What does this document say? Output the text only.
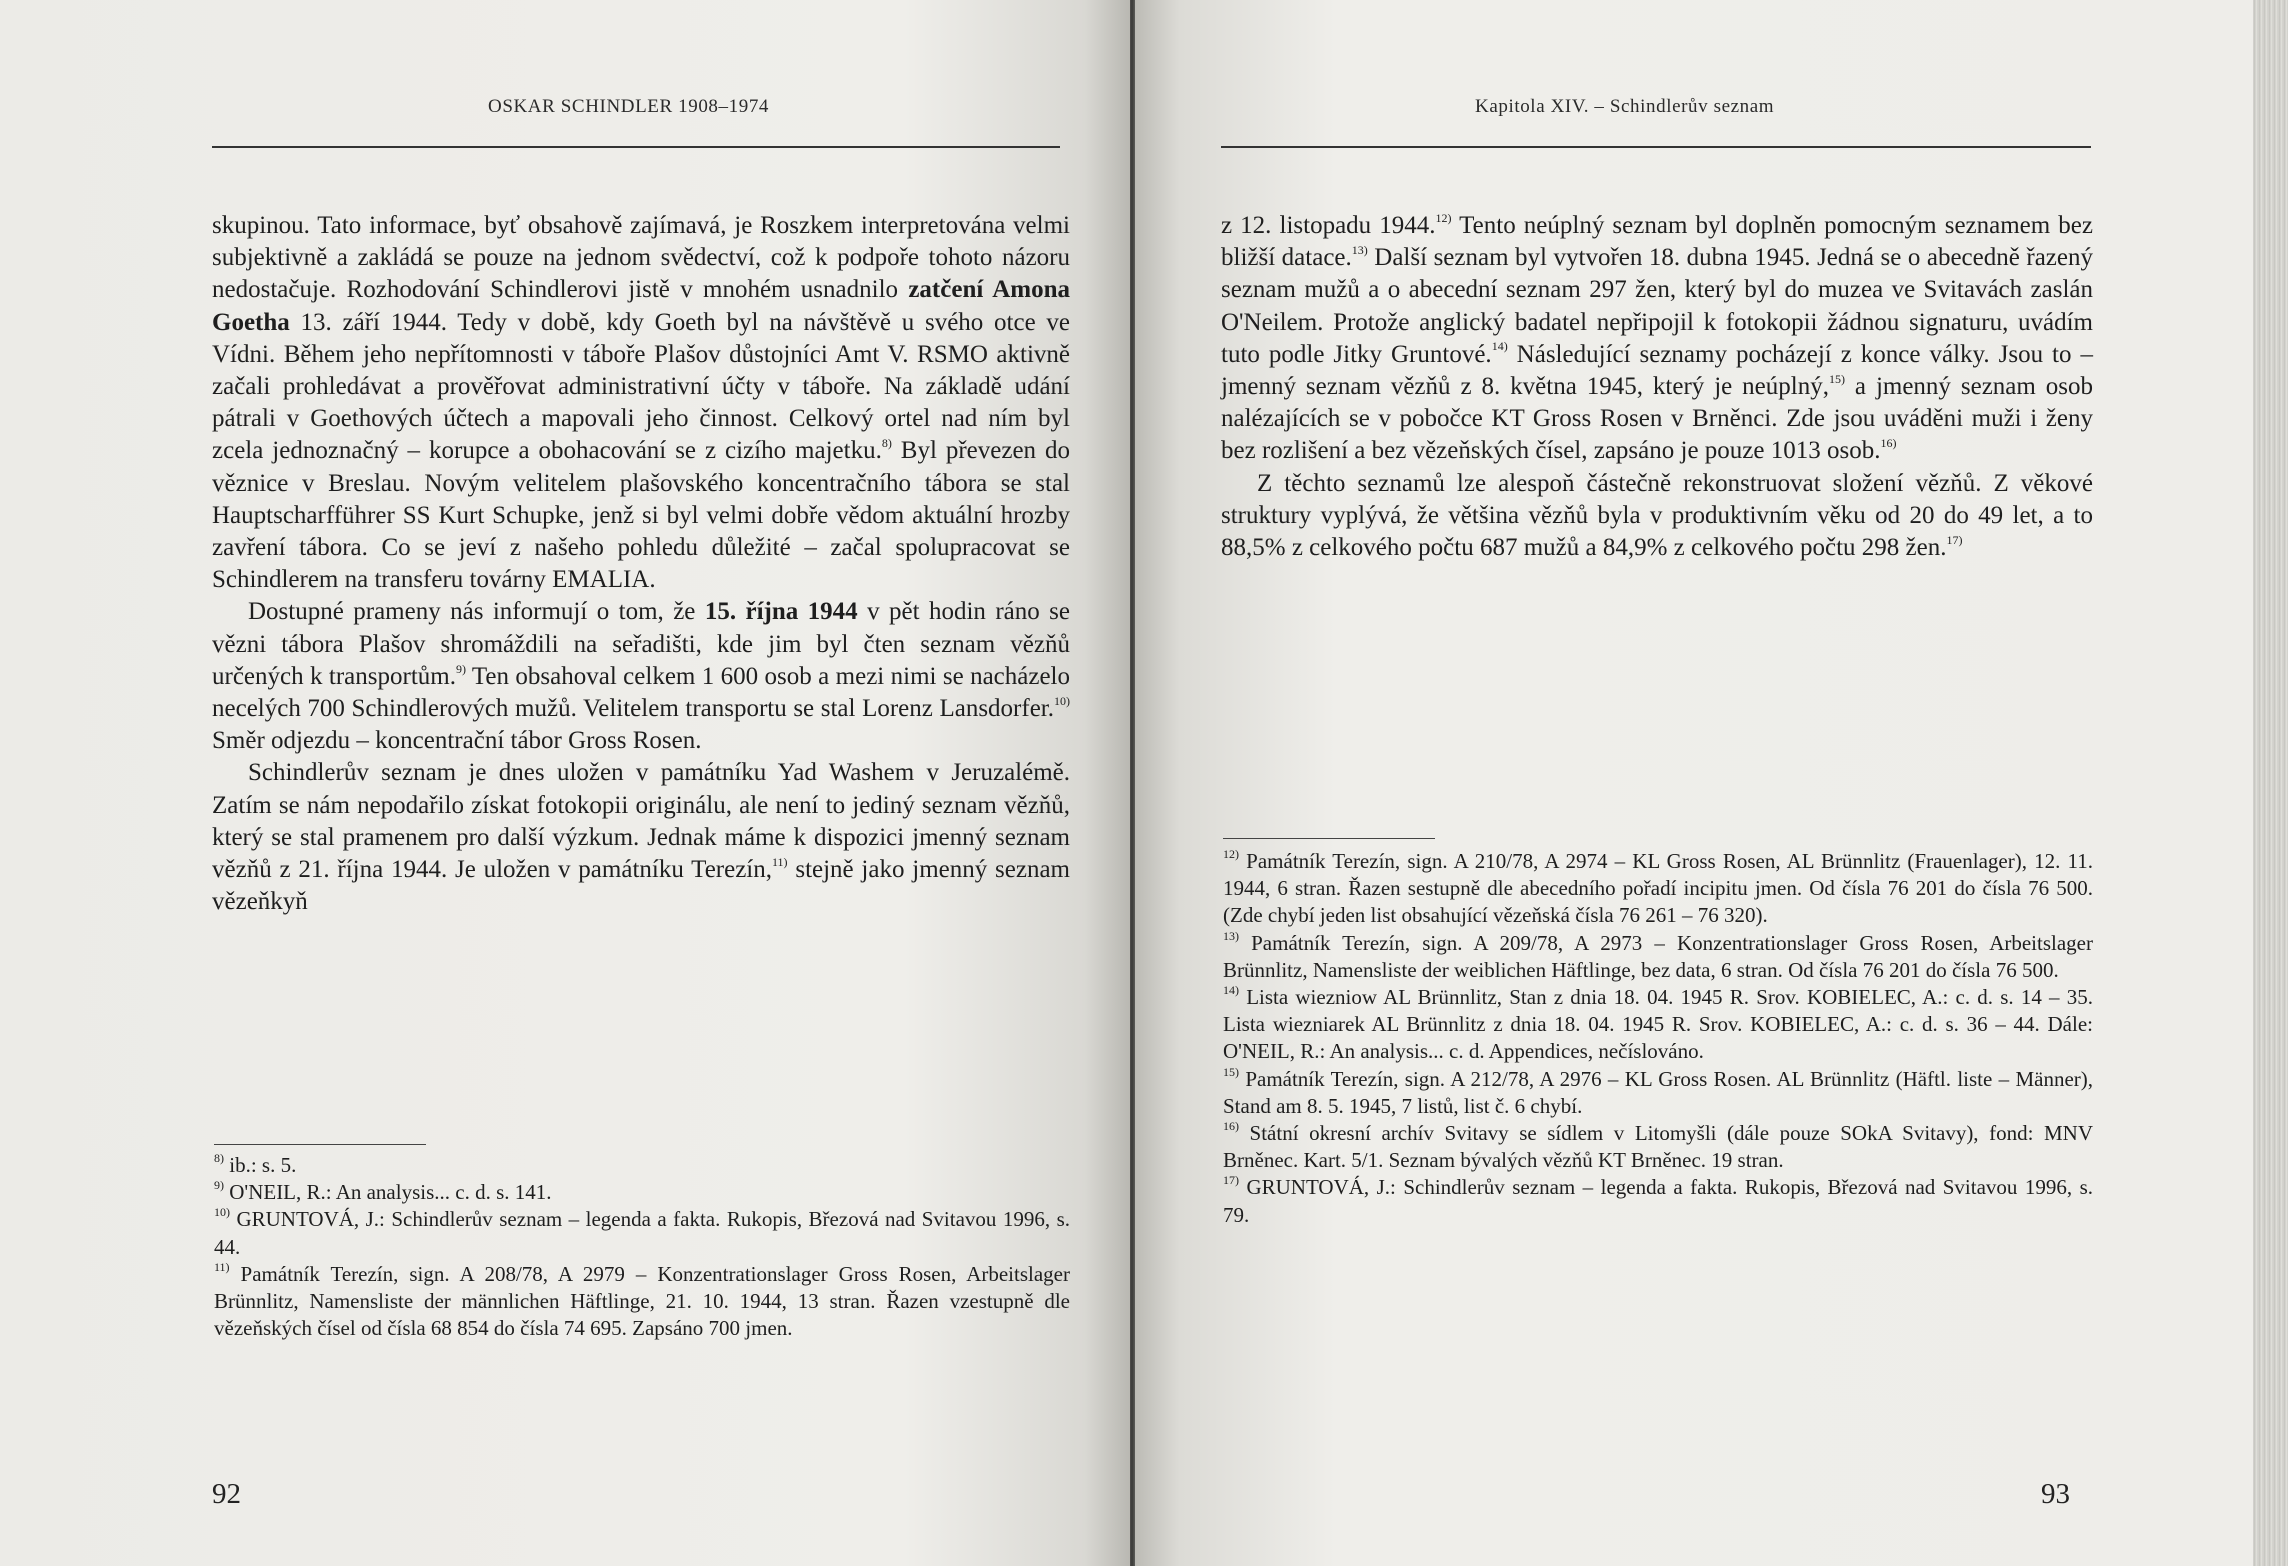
OSKAR SCHINDLER 1908–1974

skupinou. Tato informace, byť obsahově zajímavá, je Roszkem interpretována velmi subjektivně a zakládá se pouze na jednom svědectví, což k podpoře tohoto názoru nedostačuje. Rozhodování Schindlerovi jistě v mnohém usnadnilo zatčení Amona Goetha 13. září 1944. Tedy v době, kdy Goeth byl na návštěvě u svého otce ve Vídni. Během jeho nepřítomnosti v táboře Plašov důstojníci Amt V. RSMO aktivně začali prohledávat a prověřovat administrativní účty v táboře. Na základě udání pátrali v Goethových účtech a mapovali jeho činnost. Celkový ortel nad ním byl zcela jednoznačný – korupce a obohacování se z cizího majetku.$^{8)}$ Byl převezen do věznice v Breslau. Novým velitelem plašovského koncentračního tábora se stal Hauptscharfführer SS Kurt Schupke, jenž si byl velmi dobře vědom aktuální hrozby zavření tábora. Co se jeví z našeho pohledu důležité – začal spolupracovat se Schindlerem na transferu továrny EMALIA.

Dostupné prameny nás informují o tom, že 15. října 1944 v pět hodin ráno se vězni tábora Plašov shromáždili na seřadišti, kde jim byl čten seznam vězňů určených k transportům.$^{9)}$ Ten obsahoval celkem 1 600 osob a mezi nimi se nacházelo necelých 700 Schindlerových mužů. Velitelem transportu se stal Lorenz Lansdorfer.$^{10)}$ Směr odjezdu – koncentrační tábor Gross Rosen.

Schindlerův seznam je dnes uložen v památníku Yad Washem v Jeruzalémě. Zatím se nám nepodařilo získat fotokopii originálu, ale není to jediný seznam vězňů, který se stal pramenem pro další výzkum. Jednak máme k dispozici jmenný seznam vězňů z 21. října 1944. Je uložen v památníku Terezín,$^{11)}$ stejně jako jmenný seznam vězeňkyň

$^{8)}$ ib.: s. 5.

$^{9)}$ O'NEIL, R.: An analysis... c. d. s. 141.

$^{10)}$ GRUNTOVÁ, J.: Schindlerův seznam – legenda a fakta. Rukopis, Březová nad Svitavou 1996, s. 44.

$^{11)}$ Památník Terezín, sign. A 208/78, A 2979 – Konzentrationslager Gross Rosen, Arbeitslager Brünnlitz, Namensliste der männlichen Häftlinge, 21. 10. 1944, 13 stran. Řazen vzestupně dle vězeňských čísel od čísla 68 854 do čísla 74 695. Zapsáno 700 jmen.

92
Kapitola XIV. – Schindlerův seznam

z 12. listopadu 1944.$^{12)}$ Tento neúplný seznam byl doplněn pomocným seznamem bez bližší datace.$^{13)}$ Další seznam byl vytvořen 18. dubna 1945. Jedná se o abecedně řazený seznam mužů a o abecední seznam 297 žen, který byl do muzea ve Svitavách zaslán O'Neilem. Protože anglický badatel nepřipojil k fotokopii žádnou signaturu, uvádím tuto podle Jitky Gruntové.$^{14)}$ Následující seznamy pocházejí z konce války. Jsou to – jmenný seznam vězňů z 8. května 1945, který je neúplný,$^{15)}$ a jmenný seznam osob nalézajících se v pobočce KT Gross Rosen v Brněnci. Zde jsou uváděni muži i ženy bez rozlišení a bez vězeňských čísel, zapsáno je pouze 1013 osob.$^{16)}$

Z těchto seznamů lze alespoň částečně rekonstruovat složení vězňů. Z věkové struktury vyplývá, že většina vězňů byla v produktivním věku od 20 do 49 let, a to 88,5% z celkového počtu 687 mužů a 84,9% z celkového počtu 298 žen.$^{17)}$

$^{12)}$ Památník Terezín, sign. A 210/78, A 2974 – KL Gross Rosen, AL Brünnlitz (Frauenlager), 12. 11. 1944, 6 stran. Řazen sestupně dle abecedního pořadí incipitu jmen. Od čísla 76 201 do čísla 76 500. (Zde chybí jeden list obsahující vězeňská čísla 76 261 – 76 320).

$^{13)}$ Památník Terezín, sign. A 209/78, A 2973 – Konzentrationslager Gross Rosen, Arbeitslager Brünnlitz, Namensliste der weiblichen Häftlinge, bez data, 6 stran. Od čísla 76 201 do čísla 76 500.

$^{14)}$ Lista wiezniow AL Brünnlitz, Stan z dnia 18. 04. 1945 R. Srov. KOBIELEC, A.: c. d. s. 14 – 35. Lista wiezniarek AL Brünnlitz z dnia 18. 04. 1945 R. Srov. KOBIELEC, A.: c. d. s. 36 – 44. Dále: O'NEIL, R.: An analysis... c. d. Appendices, nečíslováno.

$^{15)}$ Památník Terezín, sign. A 212/78, A 2976 – KL Gross Rosen. AL Brünnlitz (Häftl. liste – Männer), Stand am 8. 5. 1945, 7 listů, list č. 6 chybí.

$^{16)}$ Státní okresní archív Svitavy se sídlem v Litomyšli (dále pouze SOkA Svitavy), fond: MNV Brněnec. Kart. 5/1. Seznam bývalých vězňů KT Brněnec. 19 stran.

$^{17)}$ GRUNTOVÁ, J.: Schindlerův seznam – legenda a fakta. Rukopis, Březová nad Svitavou 1996, s. 79.

93
